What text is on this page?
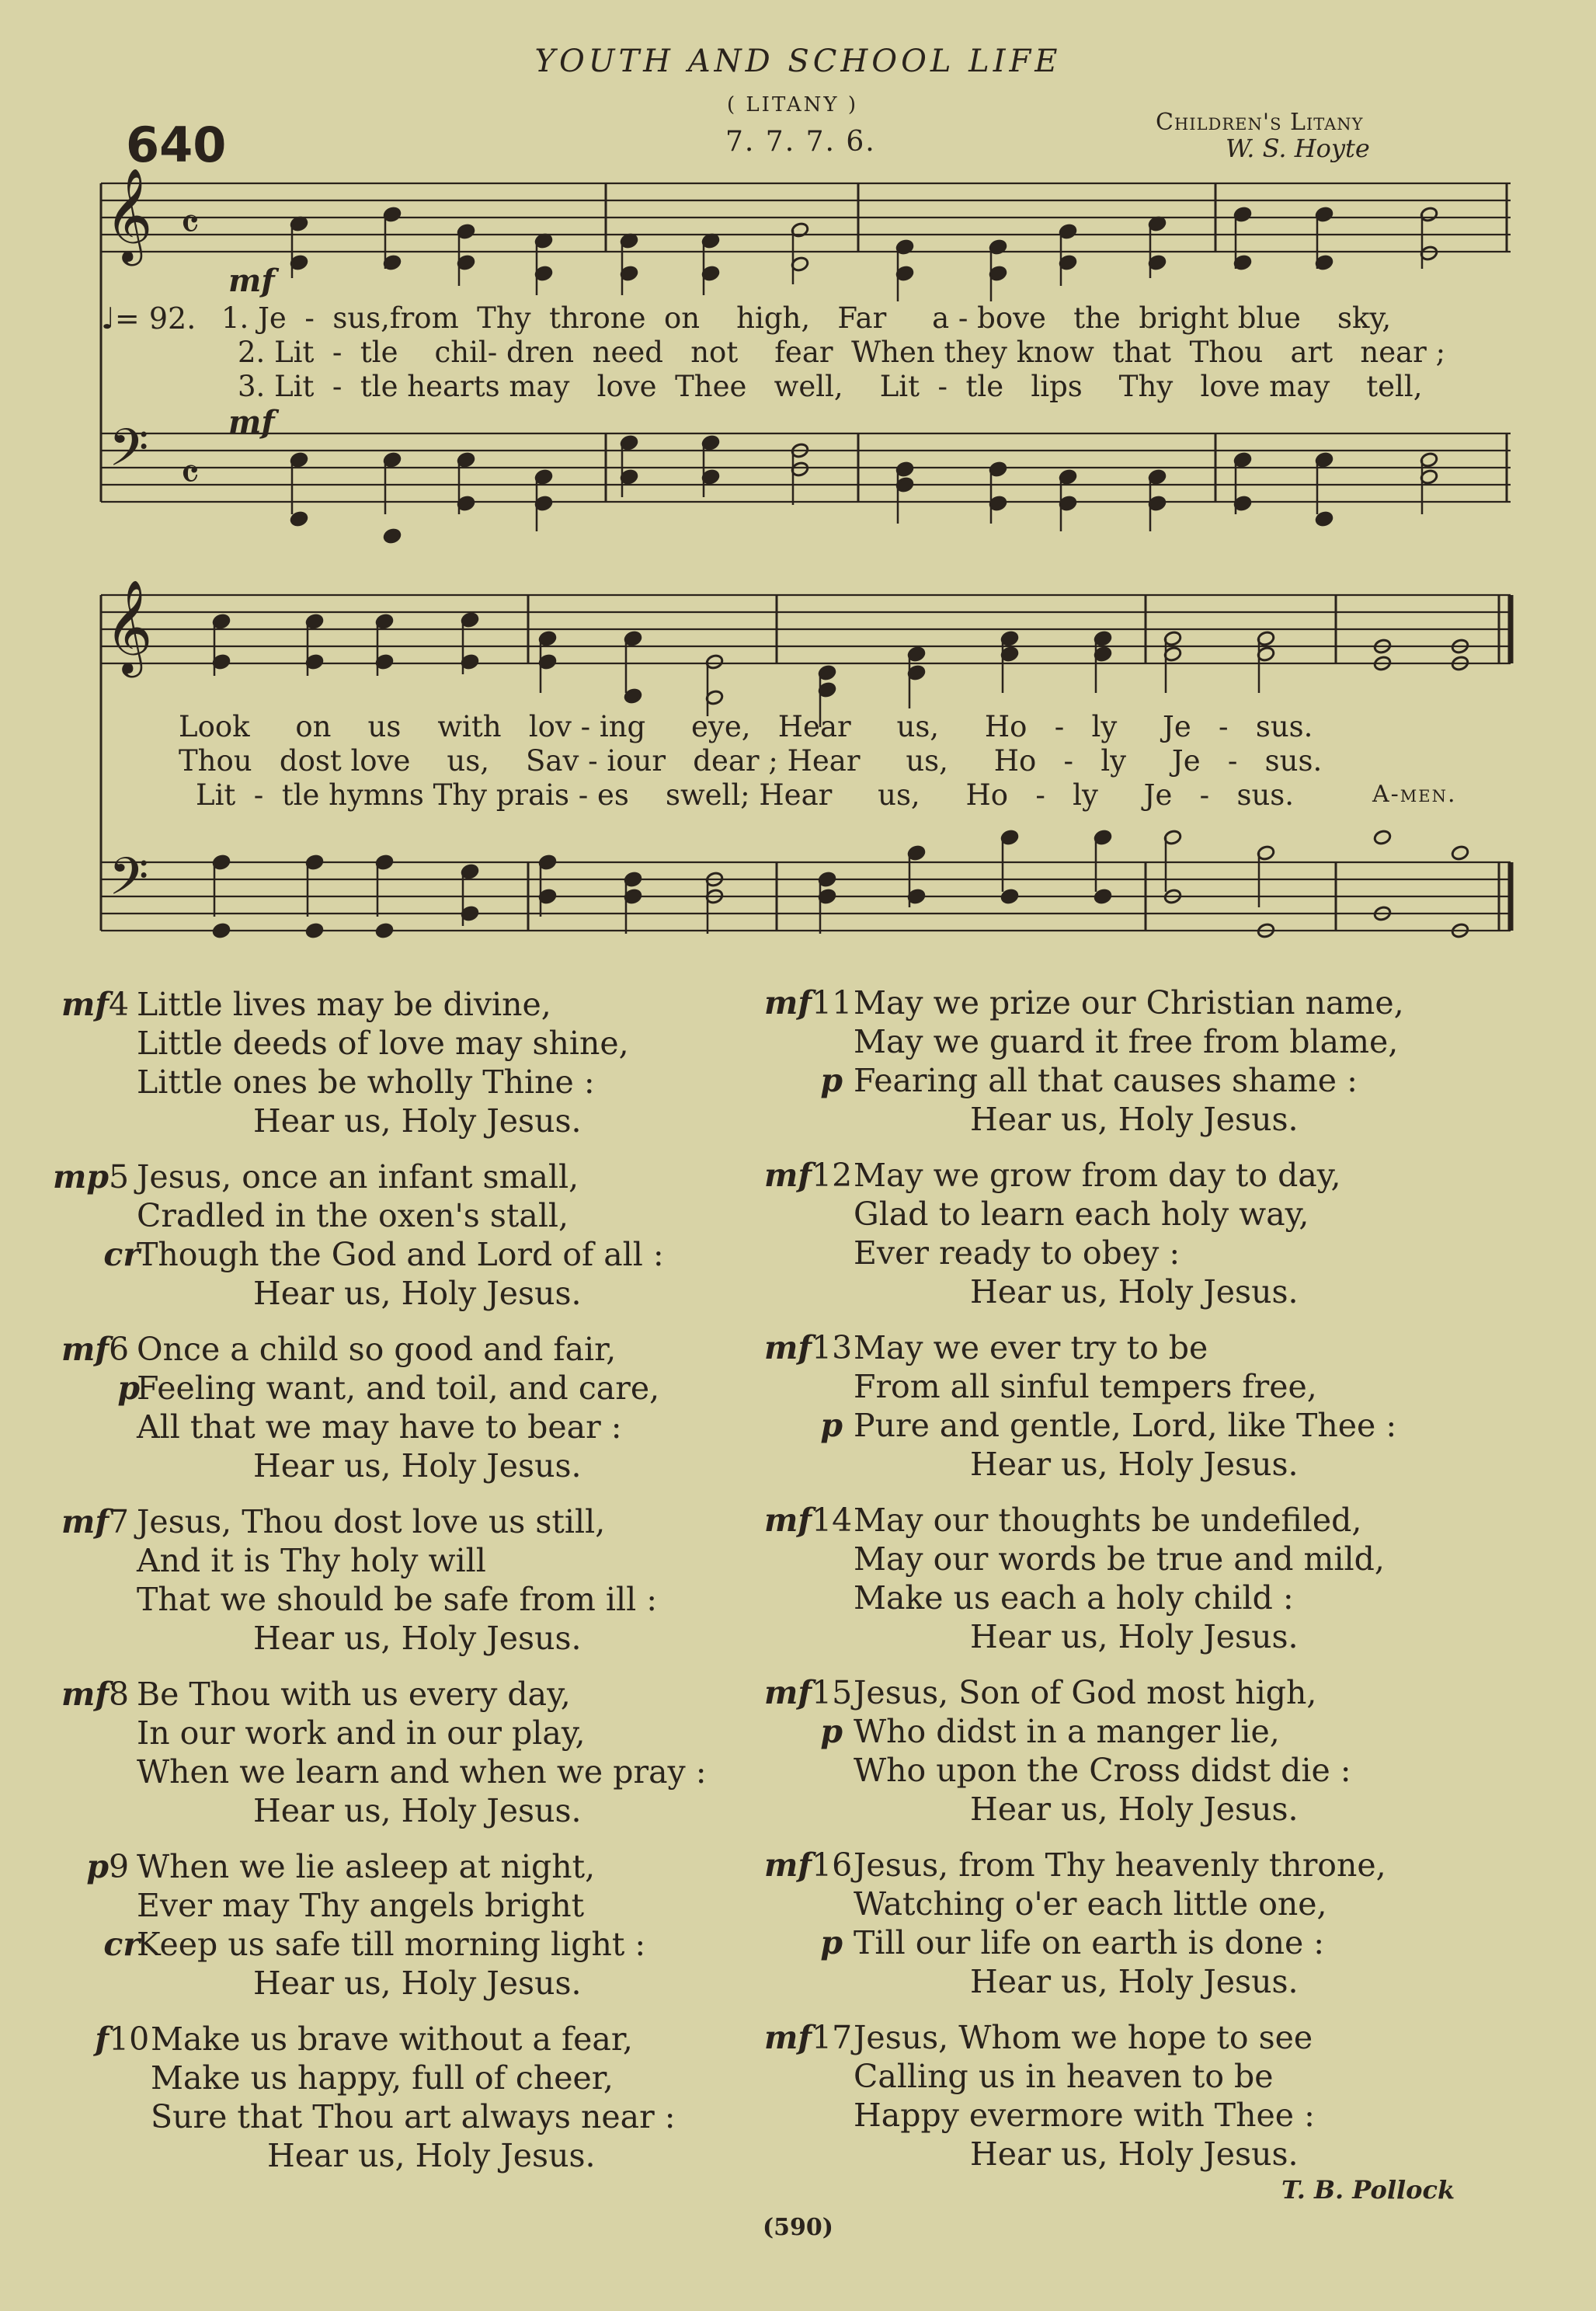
YOUTH AND SCHOOL LIFE
640
( LITANY )
7. 7. 7. 6.
Children's Litany
W. S. Hoyte
𝄞
𝄢
𝄴
𝄴
𝄞
𝄢
mf
mf
♩= 92. 1. Je  -  sus,from  Thy  throne  on    high,   Far     a - bove   the  bright blue    sky,
2. Lit  -  tle    chil- dren  need   not    fear  When they know  that  Thou   art   near ;
3. Lit  -  tle hearts may   love  Thee   well,    Lit  -  tle   lips    Thy   love may    tell,
Look     on    us    with   lov - ing     eye,   Hear     us,     Ho   -   ly     Je   -   sus.
Thou   dost love    us,    Sav - iour   dear ; Hear     us,     Ho   -   ly     Je   -   sus.
Lit  -  tle hymns Thy prais - es    swell; Hear     us,     Ho   -   ly     Je   -   sus.	A-men.
mf 4 Little lives may be divine,
Little deeds of love may shine,
Little ones be wholly Thine :
Hear us, Holy Jesus.
mp 5 Jesus, once an infant small,
Cradled in the oxen's stall,
cr
Though the God and Lord of all :
Hear us, Holy Jesus.
mf 6 Once a child so good and fair,
p
Feeling want, and toil, and care,
All that we may have to bear :
Hear us, Holy Jesus.
mf 7 Jesus, Thou dost love us still,
And it is Thy holy will
That we should be safe from ill :
Hear us, Holy Jesus.
mf 8 Be Thou with us every day,
In our work and in our play,
When we learn and when we pray :
Hear us, Holy Jesus.
p 9 When we lie asleep at night,
Ever may Thy angels bright
cr
Keep us safe till morning light :
Hear us, Holy Jesus.
f 10 Make us brave without a fear,
Make us happy, full of cheer,
Sure that Thou art always near :
Hear us, Holy Jesus.
mf 11 May we prize our Christian name,
May we guard it free from blame,
p Fearing all that causes shame :
Hear us, Holy Jesus.
mf 12 May we grow from day to day,
Glad to learn each holy way,
Ever ready to obey :
Hear us, Holy Jesus.
mf 13 May we ever try to be
From all sinful tempers free,
p Pure and gentle, Lord, like Thee :
Hear us, Holy Jesus.
mf 14 May our thoughts be undefiled,
May our words be true and mild,
Make us each a holy child :
Hear us, Holy Jesus.
mf 15 Jesus, Son of God most high,
p Who didst in a manger lie,
Who upon the Cross didst die :
Hear us, Holy Jesus.
mf 16 Jesus, from Thy heavenly throne,
Watching o'er each little one,
p Till our life on earth is done :
Hear us, Holy Jesus.
mf 17 Jesus, Whom we hope to see
Calling us in heaven to be
Happy evermore with Thee :
Hear us, Holy Jesus.
T. B. Pollock
(590)
